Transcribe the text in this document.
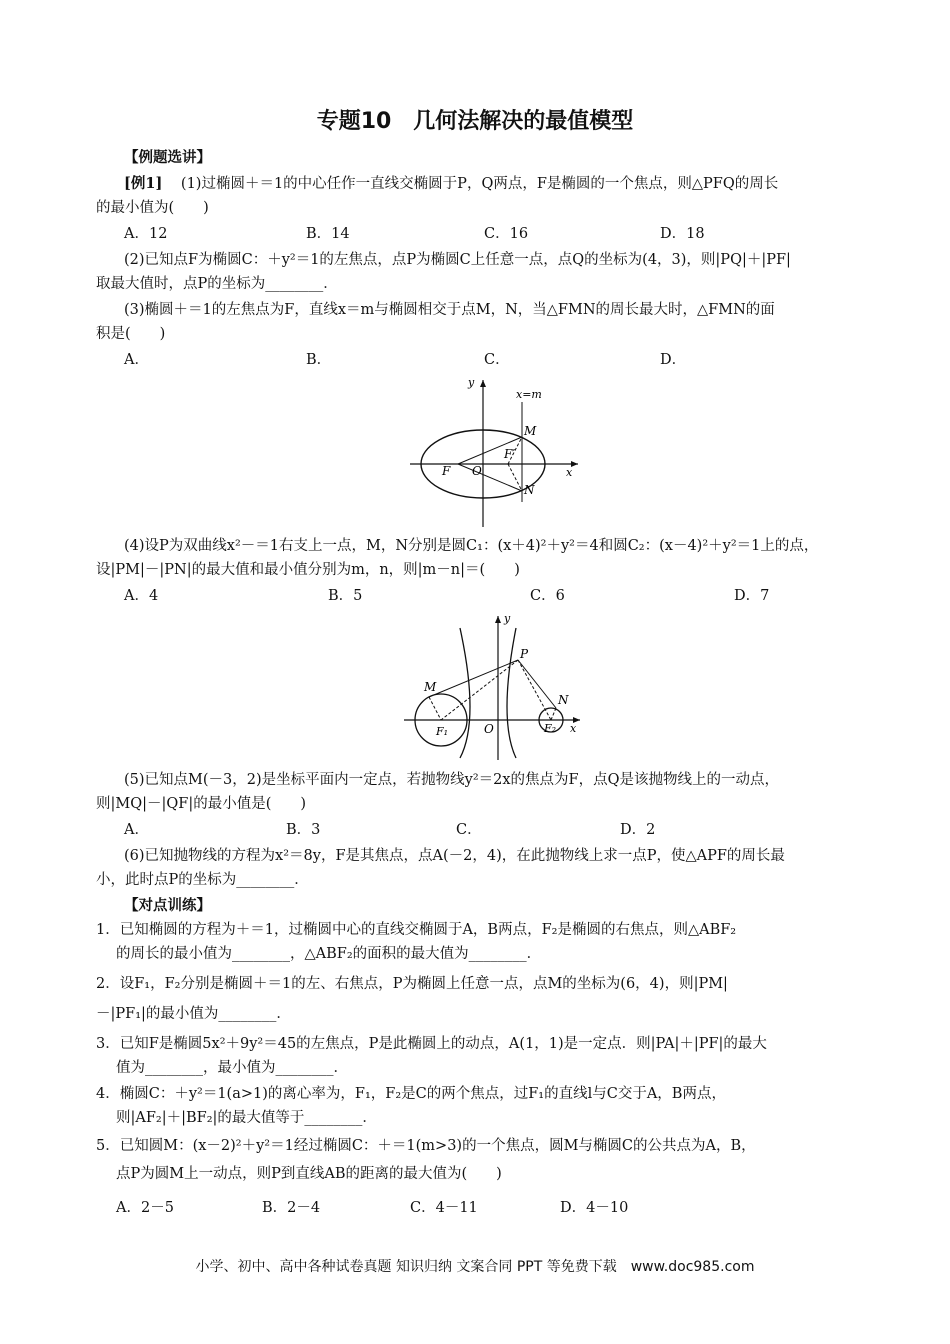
专题10　几何法解决的最值模型
【例题选讲】
[例1] (1)过椭圆＋＝1的中心任作一直线交椭圆于P，Q两点，F是椭圆的一个焦点，则△PFQ的周长
的最小值为(　　)
A．12	B．14	C．16	D．18
(2)已知点F为椭圆C：＋y²＝1的左焦点，点P为椭圆C上任意一点，点Q的坐标为(4，3)，则|PQ|＋|PF|
取最大值时，点P的坐标为________．
(3)椭圆＋＝1的左焦点为F，直线x＝m与椭圆相交于点M，N，当△FMN的周长最大时，△FMN的面
积是(　　)
A．	B．	C．	D．
y
x
x=m
M
N
F O
F′
(4)设P为双曲线x²－＝1右支上一点，M，N分别是圆C₁：(x＋4)²＋y²＝4和圆C₂：(x－4)²＋y²＝1上的点，
设|PM|－|PN|的最大值和最小值分别为m，n，则|m－n|＝(　　)
A．4	B．5	C．6	D．7
y
x
P
M
N
F₁	F₂
O
(5)已知点M(－3，2)是坐标平面内一定点，若抛物线y²＝2x的焦点为F，点Q是该抛物线上的一动点，
则|MQ|－|QF|的最小值是(　　)
A．	B．3	C．	D．2
(6)已知抛物线的方程为x²＝8y，F是其焦点，点A(－2，4)，在此抛物线上求一点P，使△APF的周长最
小，此时点P的坐标为________．
【对点训练】
1．已知椭圆的方程为＋＝1，过椭圆中心的直线交椭圆于A，B两点，F₂是椭圆的右焦点，则△ABF₂
的周长的最小值为________，△ABF₂的面积的最大值为________．
2．设F₁，F₂分别是椭圆＋＝1的左、右焦点，P为椭圆上任意一点，点M的坐标为(6，4)，则|PM|
－|PF₁|的最小值为________．
3．已知F是椭圆5x²＋9y²＝45的左焦点，P是此椭圆上的动点，A(1，1)是一定点．则|PA|＋|PF|的最大
值为________，最小值为________．
4．椭圆C：＋y²＝1(a>1)的离心率为，F₁，F₂是C的两个焦点，过F₁的直线l与C交于A，B两点，
则|AF₂|＋|BF₂|的最大值等于________．
5．已知圆M：(x－2)²＋y²＝1经过椭圆C：＋＝1(m>3)的一个焦点，圆M与椭圆C的公共点为A，B，
点P为圆M上一动点，则P到直线AB的距离的最大值为(　　)
A．2－5	B．2－4	C．4－11	D．4－10
小学、初中、高中各种试卷真题 知识归纳 文案合同 PPT 等免费下载　www.doc985.com
